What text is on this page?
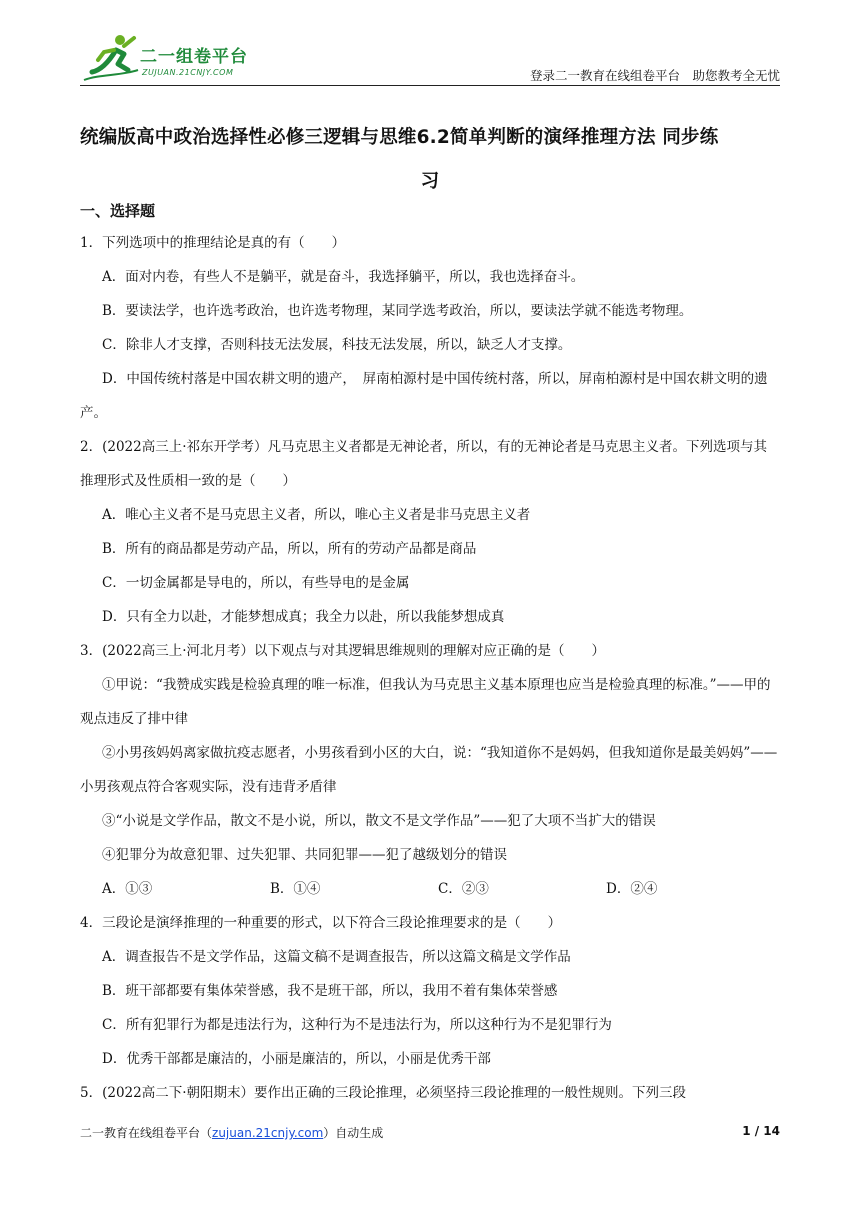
二一组卷平台
ZUJUAN.21CNJY.COM	登录二一教育在线组卷平台　助您教考全无忧
统编版高中政治选择性必修三逻辑与思维6.2简单判断的演绎推理方法 同步练
习
一、选择题

1．下列选项中的推理结论是真的有（　　）

A．面对内卷，有些人不是躺平，就是奋斗，我选择躺平，所以，我也选择奋斗。

B．要读法学，也许选考政治，也许选考物理，某同学选考政治，所以，要读法学就不能选考物理。

C．除非人才支撑，否则科技无法发展，科技无法发展，所以，缺乏人才支撑。

D．中国传统村落是中国农耕文明的遗产，　屏南柏源村是中国传统村落，所以，屏南柏源村是中国农耕文明的遗产。

2．(2022高三上·祁东开学考）凡马克思主义者都是无神论者，所以，有的无神论者是马克思主义者。下列选项与其推理形式及性质相一致的是（　　）

A．唯心主义者不是马克思主义者，所以，唯心主义者是非马克思主义者

B．所有的商品都是劳动产品，所以，所有的劳动产品都是商品

C．一切金属都是导电的，所以，有些导电的是金属

D．只有全力以赴，才能梦想成真；我全力以赴，所以我能梦想成真

3．(2022高三上·河北月考）以下观点与对其逻辑思维规则的理解对应正确的是（　　）

①甲说：“我赞成实践是检验真理的唯一标准，但我认为马克思主义基本原理也应当是检验真理的标准。”——甲的观点违反了排中律

②小男孩妈妈离家做抗疫志愿者，小男孩看到小区的大白，说：“我知道你不是妈妈，但我知道你是最美妈妈”——小男孩观点符合客观实际，没有违背矛盾律

③“小说是文学作品，散文不是小说，所以，散文不是文学作品”——犯了大项不当扩大的错误

④犯罪分为故意犯罪、过失犯罪、共同犯罪——犯了越级划分的错误

A．①③	B．①④	C．②③	D．②④

4．三段论是演绎推理的一种重要的形式，以下符合三段论推理要求的是（　　）

A．调查报告不是文学作品，这篇文稿不是调查报告，所以这篇文稿是文学作品

B．班干部都要有集体荣誉感，我不是班干部，所以，我用不着有集体荣誉感

C．所有犯罪行为都是违法行为，这种行为不是违法行为，所以这种行为不是犯罪行为

D．优秀干部都是廉洁的，小丽是廉洁的，所以，小丽是优秀干部

5．(2022高二下·朝阳期末）要作出正确的三段论推理，必须坚持三段论推理的一般性规则。下列三段

二一教育在线组卷平台（zujuan.21cnjy.com）自动生成	1 / 14
